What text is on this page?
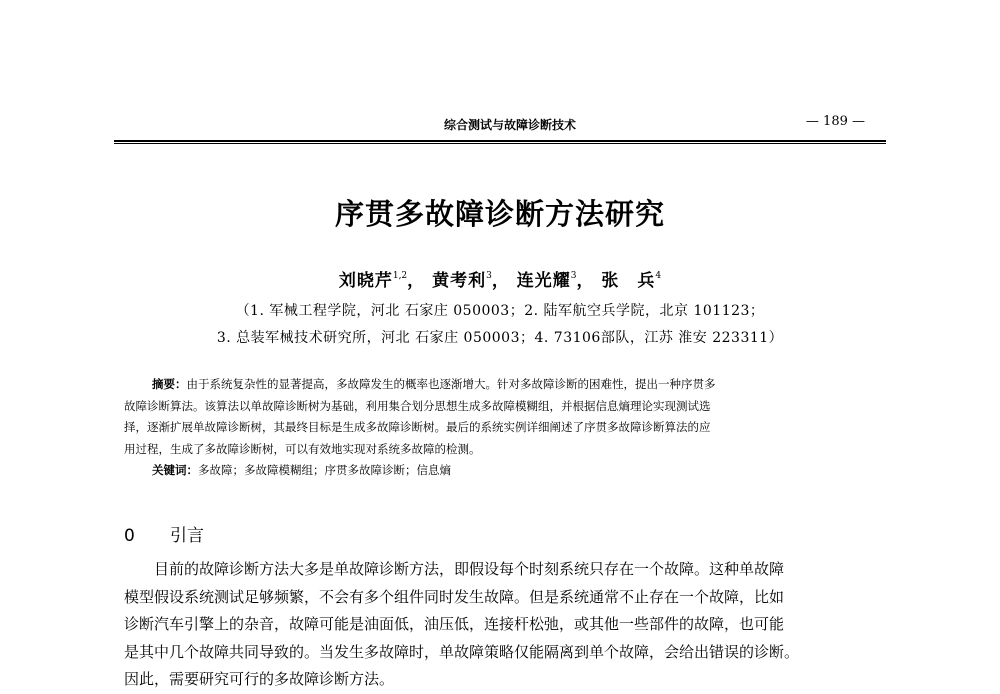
综合测试与故障诊断技术	— 189 —
序贯多故障诊断方法研究
刘晓芹$^{1,2}$， 黄考利$^3$， 连光耀$^3$， 张　兵$^4$
（1. 军械工程学院，河北 石家庄 050003；2. 陆军航空兵学院，北京 101123；
3. 总装军械技术研究所，河北 石家庄 050003；4. 73106部队，江苏 淮安 223311）
摘要：由于系统复杂性的显著提高，多故障发生的概率也逐渐增大。针对多故障诊断的困难性，提出一种序贯多
故障诊断算法。该算法以单故障诊断树为基础，利用集合划分思想生成多故障模糊组，并根据信息熵理论实现测试选
择，逐渐扩展单故障诊断树，其最终目标是生成多故障诊断树。最后的系统实例详细阐述了序贯多故障诊断算法的应
用过程，生成了多故障诊断树，可以有效地实现对系统多故障的检测。
关键词：多故障；多故障模糊组；序贯多故障诊断；信息熵
0 引言
目前的故障诊断方法大多是单故障诊断方法，即假设每个时刻系统只存在一个故障。这种单故障
模型假设系统测试足够频繁，不会有多个组件同时发生故障。但是系统通常不止存在一个故障，比如
诊断汽车引擎上的杂音，故障可能是油面低，油压低，连接杆松弛，或其他一些部件的故障，也可能
是其中几个故障共同导致的。当发生多故障时，单故障策略仅能隔离到单个故障，会给出错误的诊断。
因此，需要研究可行的多故障诊断方法。
